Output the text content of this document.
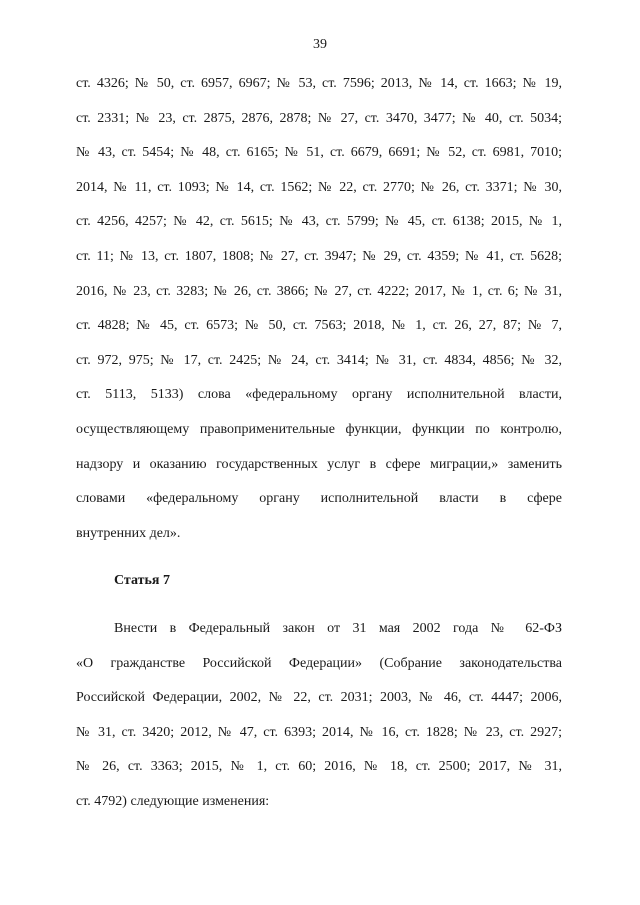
39
ст. 4326; № 50, ст. 6957, 6967; № 53, ст. 7596; 2013, № 14, ст. 1663; № 19,
ст. 2331; № 23, ст. 2875, 2876, 2878; № 27, ст. 3470, 3477; № 40, ст. 5034;
№ 43, ст. 5454; № 48, ст. 6165; № 51, ст. 6679, 6691; № 52, ст. 6981, 7010;
2014, № 11, ст. 1093; № 14, ст. 1562; № 22, ст. 2770; № 26, ст. 3371; № 30,
ст. 4256, 4257; № 42, ст. 5615; № 43, ст. 5799; № 45, ст. 6138; 2015, № 1,
ст. 11; № 13, ст. 1807, 1808; № 27, ст. 3947; № 29, ст. 4359; № 41, ст. 5628;
2016, № 23, ст. 3283; № 26, ст. 3866; № 27, ст. 4222; 2017, № 1, ст. 6; № 31,
ст. 4828; № 45, ст. 6573; № 50, ст. 7563; 2018, № 1, ст. 26, 27, 87; № 7,
ст. 972, 975; № 17, ст. 2425; № 24, ст. 3414; № 31, ст. 4834, 4856; № 32,
ст. 5113, 5133) слова «федеральному органу исполнительной власти,
осуществляющему правоприменительные функции, функции по контролю,
надзору и оказанию государственных услуг в сфере миграции,» заменить
словами «федеральному органу исполнительной власти в сфере
внутренних дел».
Статья 7
Внести в Федеральный закон от 31 мая 2002 года № 62-ФЗ
«О гражданстве Российской Федерации» (Собрание законодательства
Российской Федерации, 2002, № 22, ст. 2031; 2003, № 46, ст. 4447; 2006,
№ 31, ст. 3420; 2012, № 47, ст. 6393; 2014, № 16, ст. 1828; № 23, ст. 2927;
№ 26, ст. 3363; 2015, № 1, ст. 60; 2016, № 18, ст. 2500; 2017, № 31,
ст. 4792) следующие изменения:
